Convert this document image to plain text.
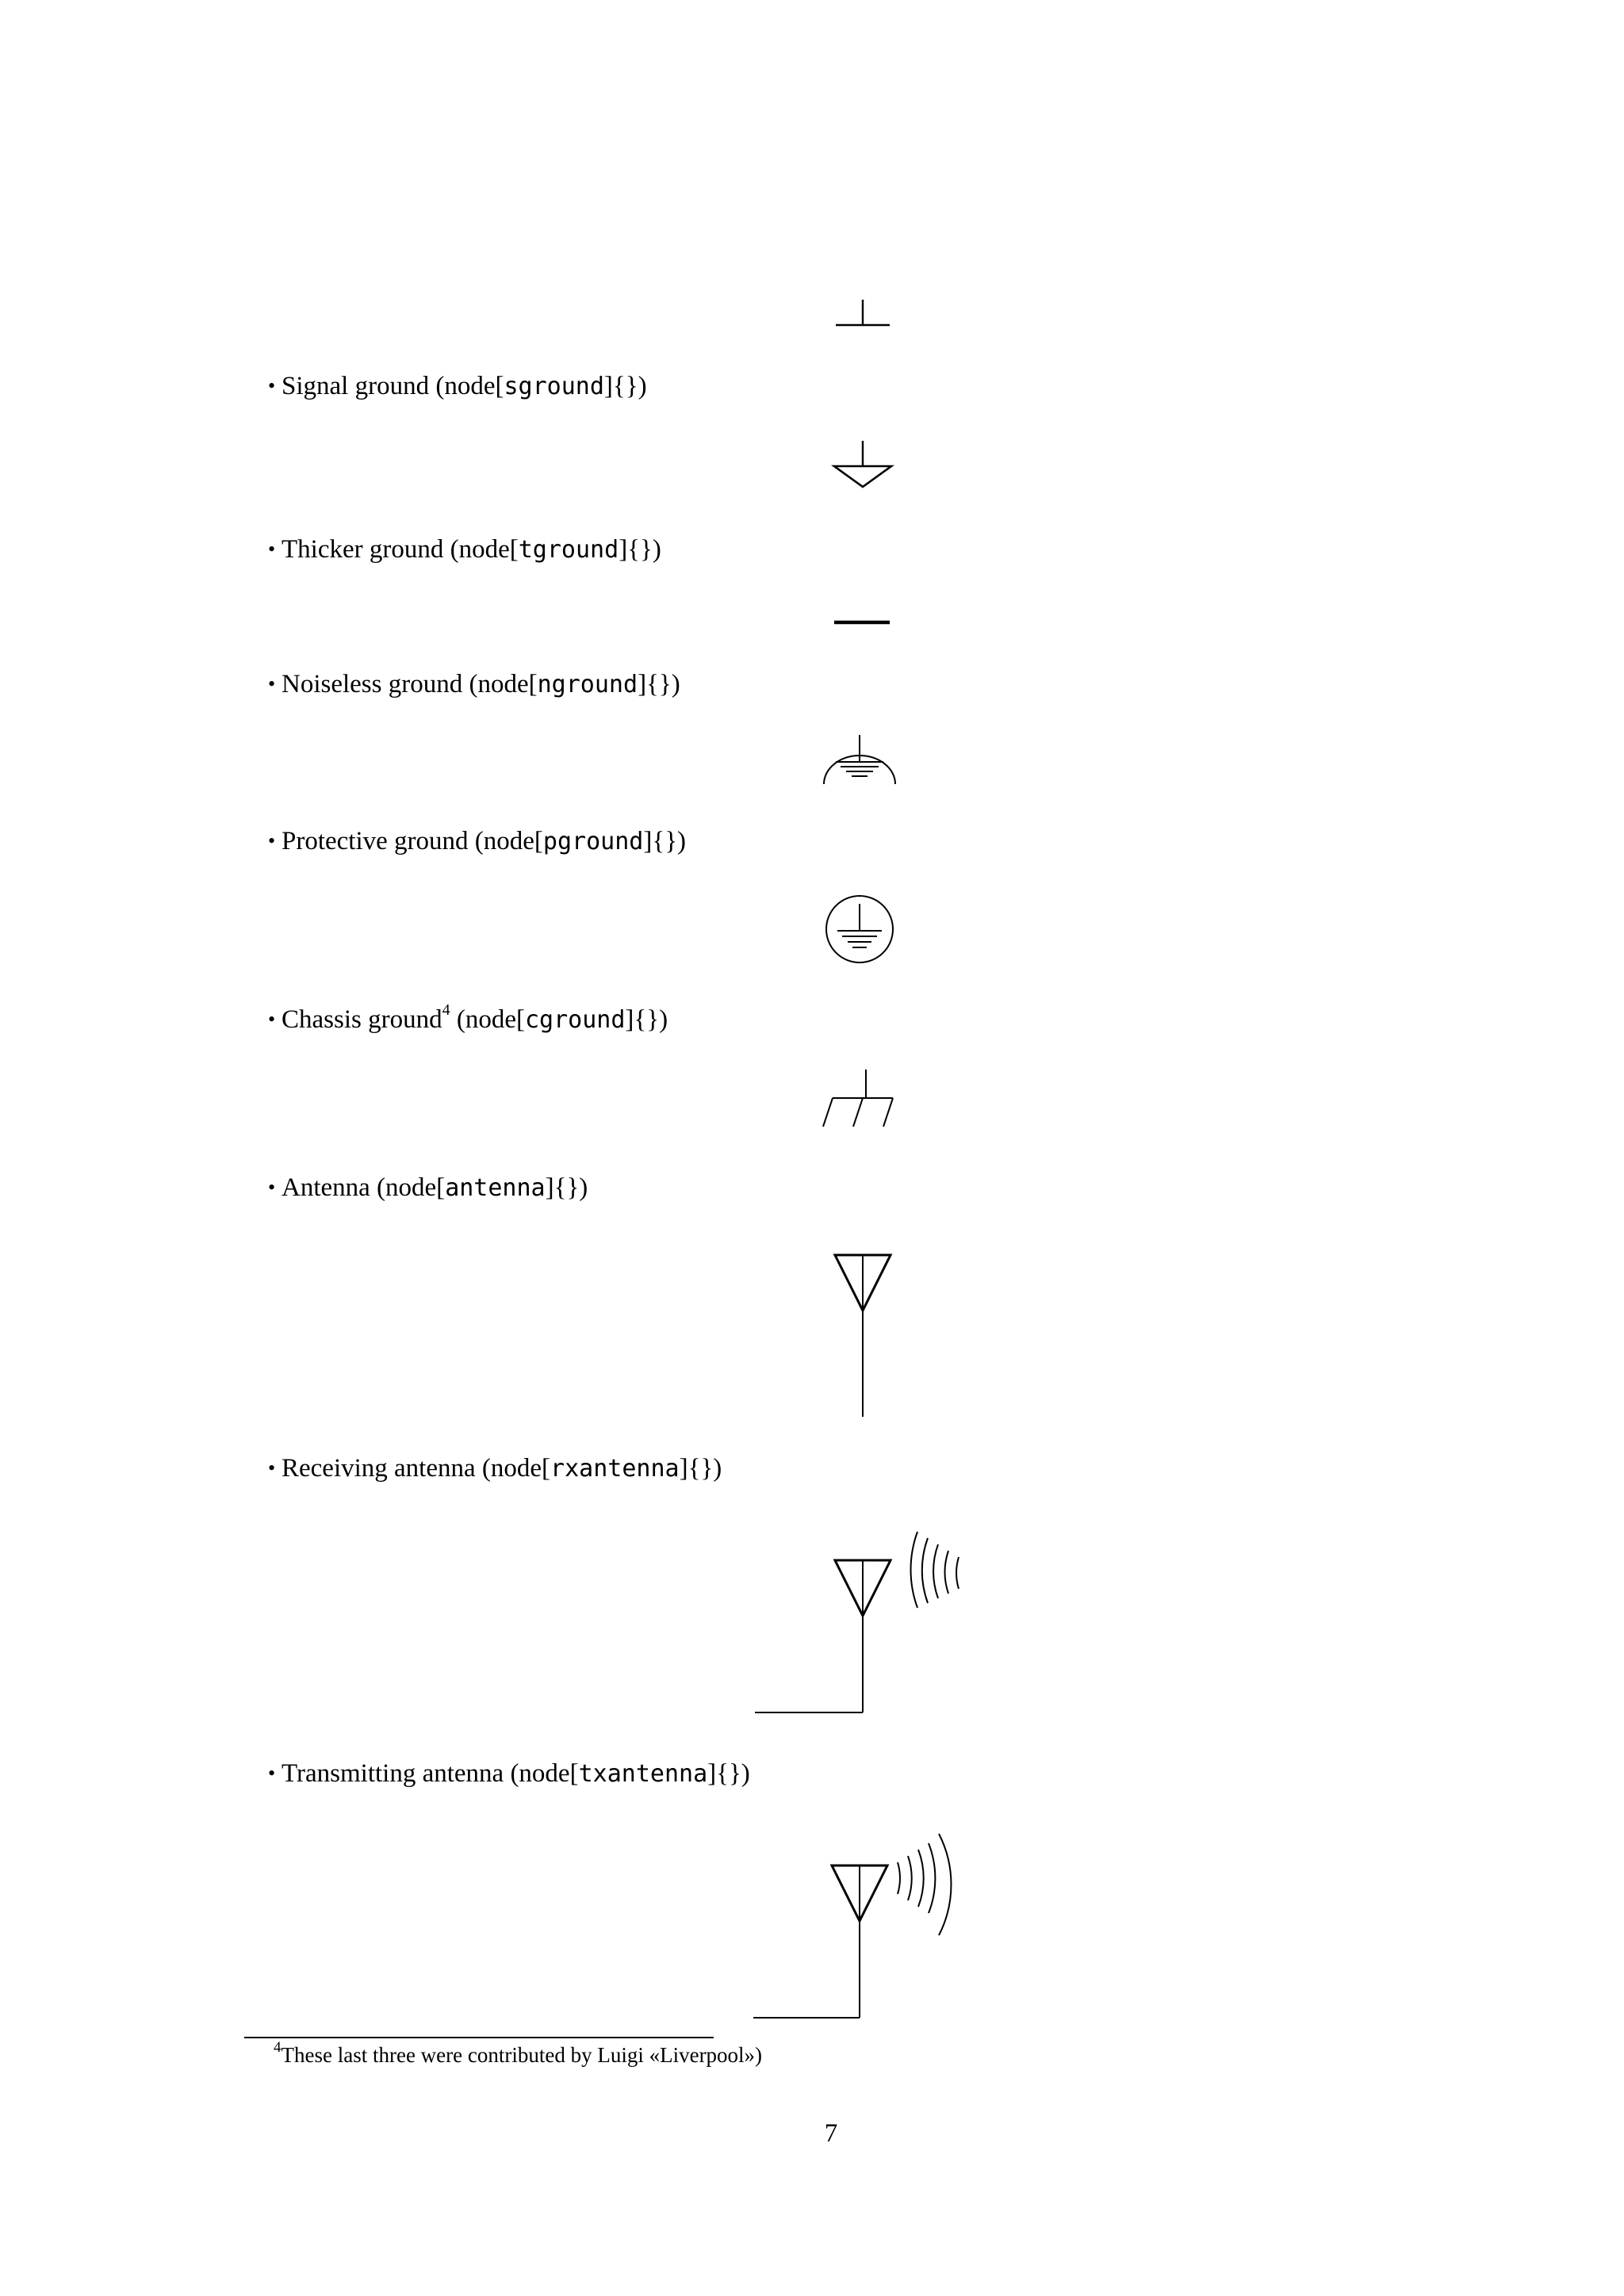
• Signal ground (node[sground]{})

• Thicker ground (node[tground]{})

• Noiseless ground (node[nground]{})

• Protective ground (node[pground]{})

• Chassis ground$^4$ (node[cground]{})

• Antenna (node[antenna]{})

• Receiving antenna (node[rxantenna]{})

• Transmitting antenna (node[txantenna]{})

$^4$These last three were contributed by Luigi «Liverpool»)

7
